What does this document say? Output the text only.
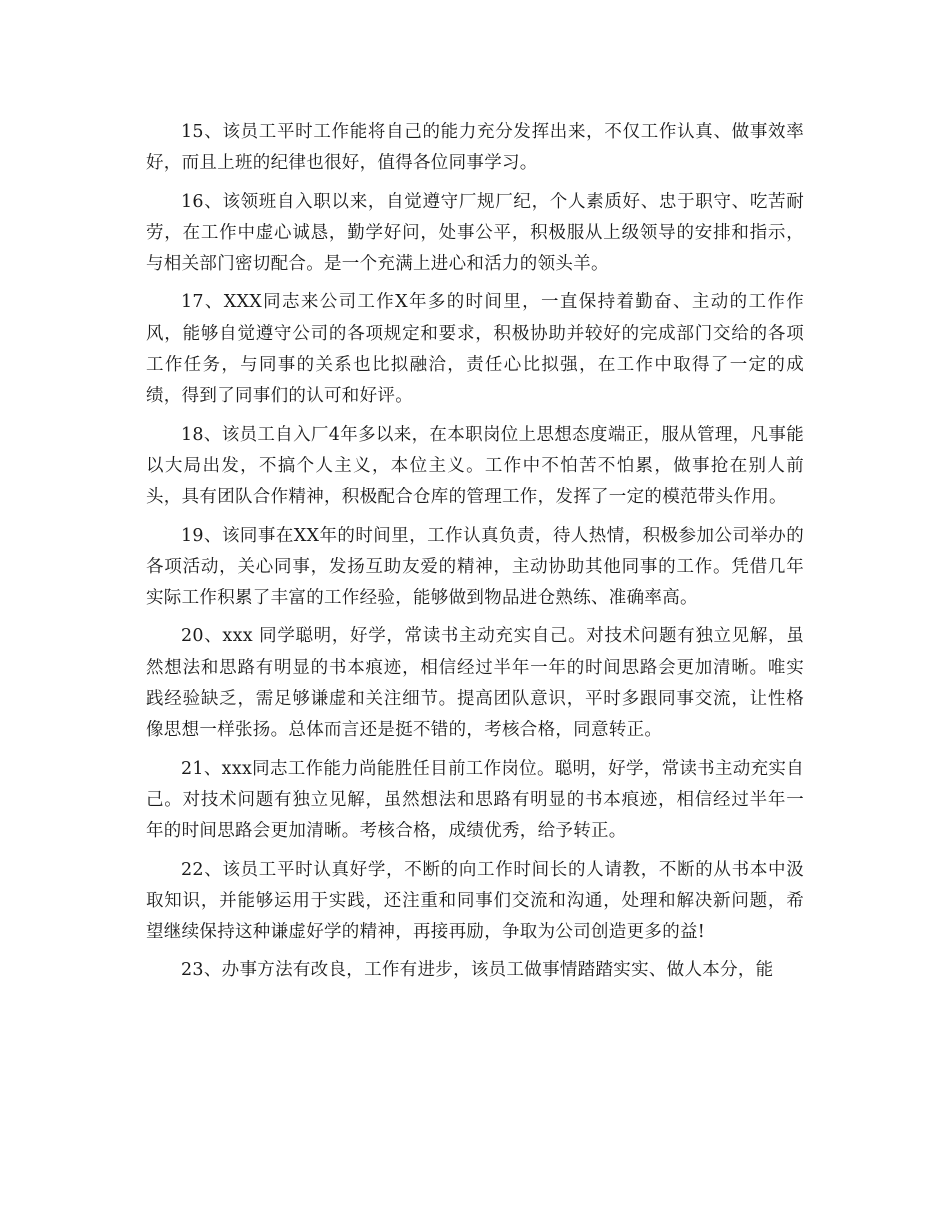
15、该员工平时工作能将自己的能力充分发挥出来，不仅工作认真、做事效率好，而且上班的纪律也很好，值得各位同事学习。

16、该领班自入职以来，自觉遵守厂规厂纪，个人素质好、忠于职守、吃苦耐劳，在工作中虚心诚恳，勤学好问，处事公平，积极服从上级领导的安排和指示，与相关部门密切配合。是一个充满上进心和活力的领头羊。

17、XXX同志来公司工作X年多的时间里，一直保持着勤奋、主动的工作作风，能够自觉遵守公司的各项规定和要求，积极协助并较好的完成部门交给的各项工作任务，与同事的关系也比拟融洽，责任心比拟强，在工作中取得了一定的成绩，得到了同事们的认可和好评。

18、该员工自入厂4年多以来，在本职岗位上思想态度端正，服从管理，凡事能以大局出发，不搞个人主义，本位主义。工作中不怕苦不怕累，做事抢在别人前头，具有团队合作精神，积极配合仓库的管理工作，发挥了一定的模范带头作用。

19、该同事在XX年的时间里，工作认真负责，待人热情，积极参加公司举办的各项活动，关心同事，发扬互助友爱的精神，主动协助其他同事的工作。凭借几年实际工作积累了丰富的工作经验，能够做到物品进仓熟练、准确率高。

20、xxx 同学聪明，好学，常读书主动充实自己。对技术问题有独立见解，虽然想法和思路有明显的书本痕迹，相信经过半年一年的时间思路会更加清晰。唯实践经验缺乏，需足够谦虚和关注细节。提高团队意识，平时多跟同事交流，让性格像思想一样张扬。总体而言还是挺不错的，考核合格，同意转正。

21、xxx同志工作能力尚能胜任目前工作岗位。聪明，好学，常读书主动充实自己。对技术问题有独立见解，虽然想法和思路有明显的书本痕迹，相信经过半年一年的时间思路会更加清晰。考核合格，成绩优秀，给予转正。

22、该员工平时认真好学，不断的向工作时间长的人请教，不断的从书本中汲取知识，并能够运用于实践，还注重和同事们交流和沟通，处理和解决新问题，希望继续保持这种谦虚好学的精神，再接再励，争取为公司创造更多的益!

23、办事方法有改良，工作有进步，该员工做事情踏踏实实、做人本分，能
